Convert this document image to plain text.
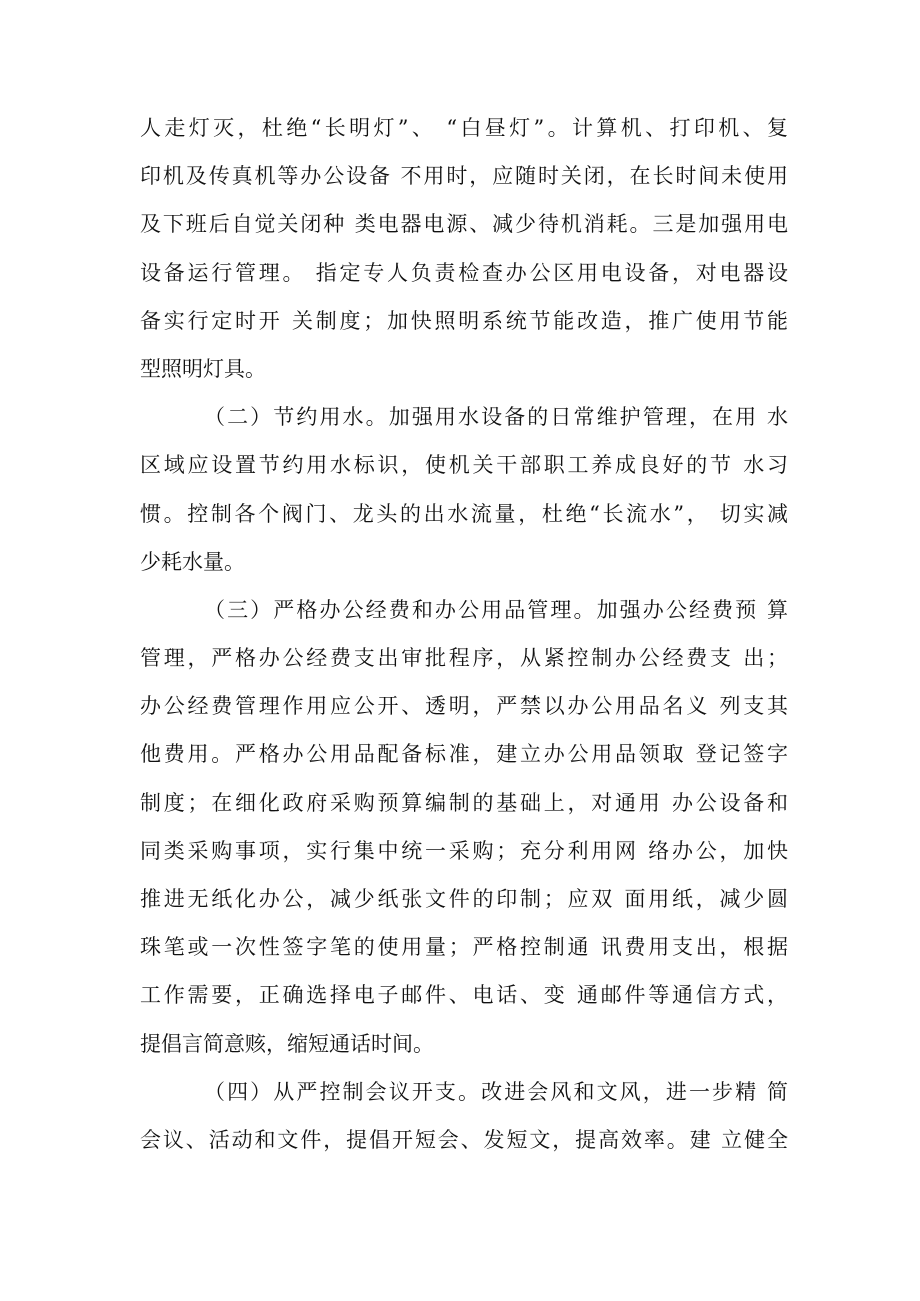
人走灯灭，杜绝“长明灯”、 “白昼灯”。计算机、打印机、复
印机及传真机等办公设备 不用时，应随时关闭，在长时间未使用
及下班后自觉关闭种 类电器电源、减少待机消耗。三是加强用电
设备运行管理。 指定专人负责检查办公区用电设备，对电器设
备实行定时开 关制度；加快照明系统节能改造，推广使用节能
型照明灯具。
（二）节约用水。加强用水设备的日常维护管理，在用 水
区域应设置节约用水标识，使机关干部职工养成良好的节 水习
惯。控制各个阀门、龙头的出水流量，杜绝“长流水”， 切实减
少耗水量。
（三）严格办公经费和办公用品管理。加强办公经费预 算
管理，严格办公经费支出审批程序，从紧控制办公经费支 出；
办公经费管理作用应公开、透明，严禁以办公用品名义 列支其
他费用。严格办公用品配备标准，建立办公用品领取 登记签字
制度；在细化政府采购预算编制的基础上，对通用 办公设备和
同类采购事项，实行集中统一采购；充分利用网 络办公，加快
推进无纸化办公，减少纸张文件的印制；应双 面用纸，减少圆
珠笔或一次性签字笔的使用量；严格控制通 讯费用支出，根据
工作需要，正确选择电子邮件、电话、变 通邮件等通信方式，
提倡言简意赅，缩短通话时间。
（四）从严控制会议开支。改进会风和文风，进一步精 简
会议、活动和文件，提倡开短会、发短文，提高效率。建 立健全
